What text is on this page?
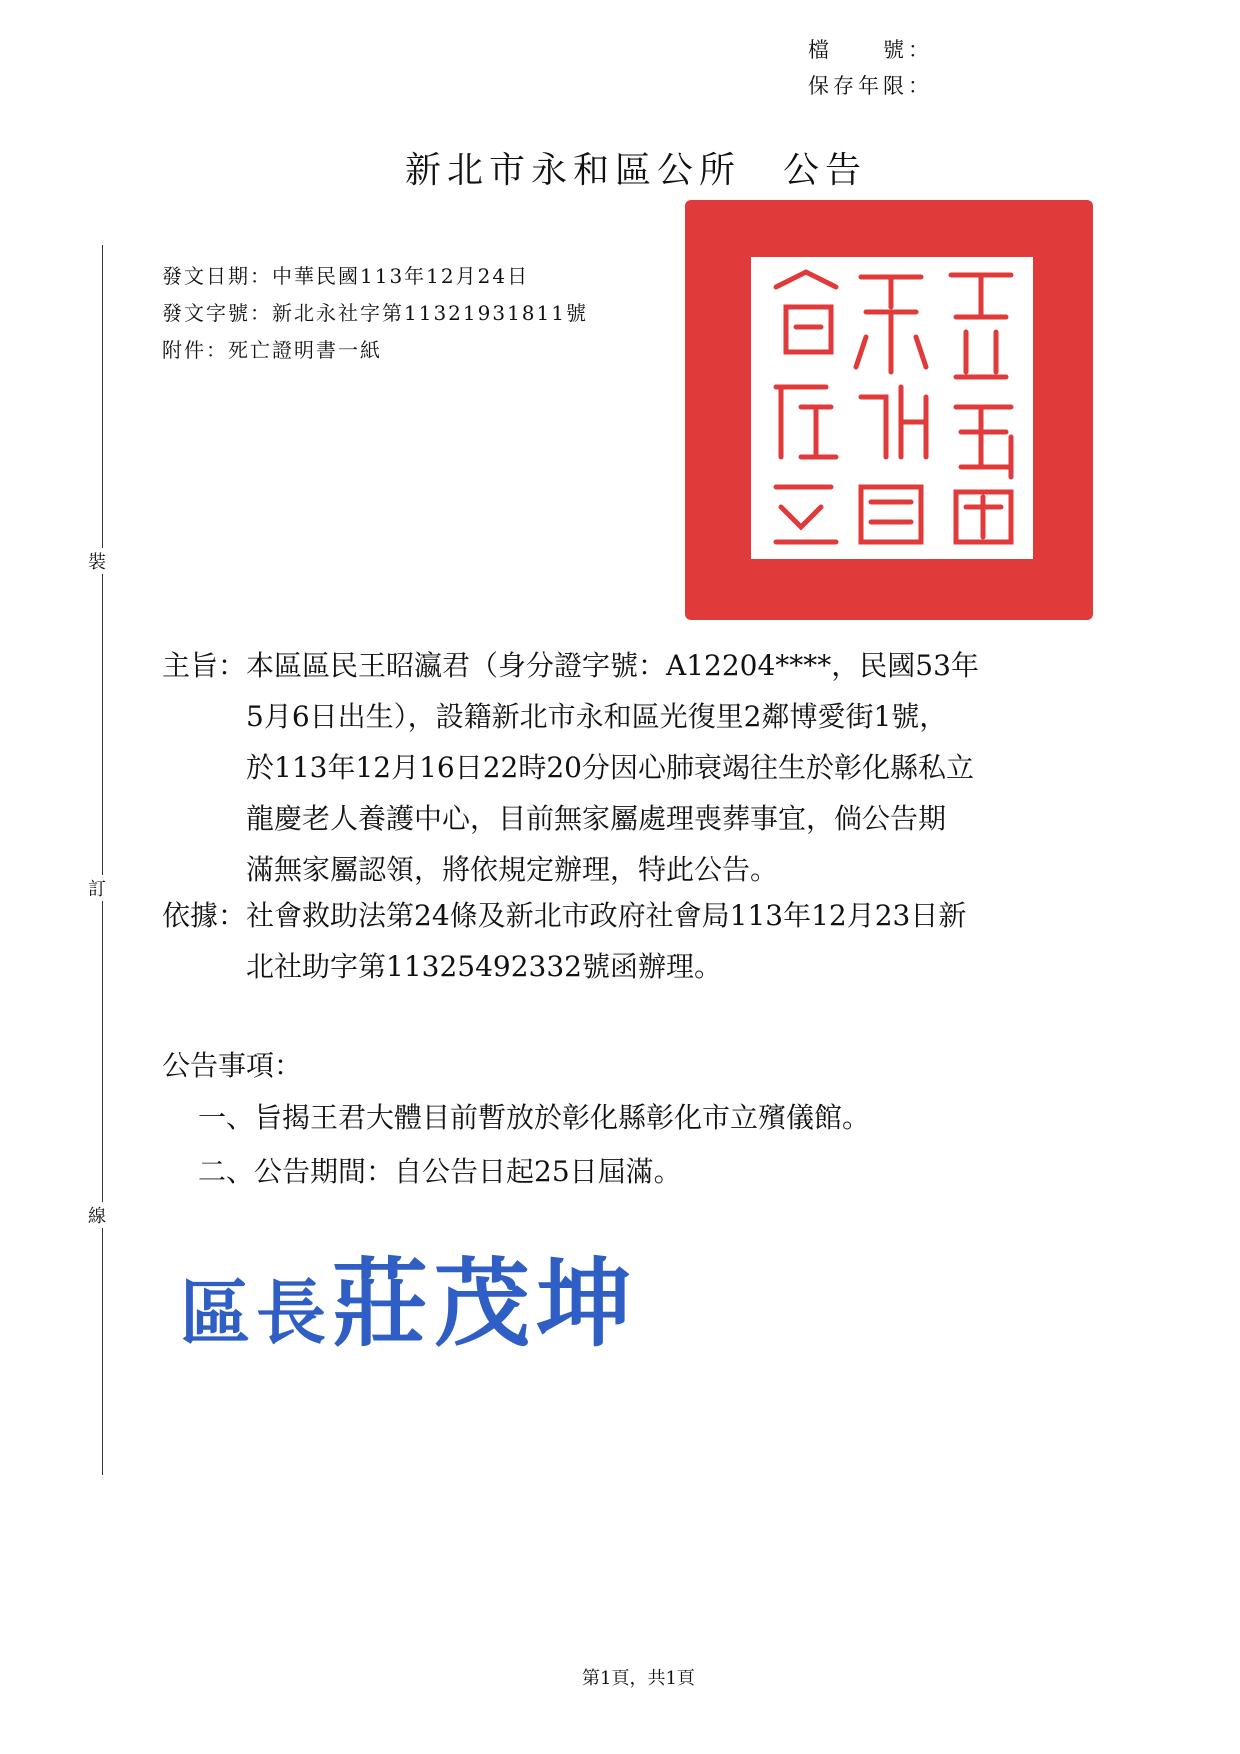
檔　　號：
保存年限：
新北市永和區公所　公告
裝
訂
線
發文日期：中華民國113年12月24日
發文字號：新北永社字第11321931811號
附件：死亡證明書一紙
主旨： 本區區民王昭瀛君（身分證字號：A12204****，民國53年
5月6日出生），設籍新北市永和區光復里2鄰博愛街1號，
於113年12月16日22時20分因心肺衰竭往生於彰化縣私立
龍慶老人養護中心，目前無家屬處理喪葬事宜，倘公告期
滿無家屬認領，將依規定辦理，特此公告。
依據： 社會救助法第24條及新北市政府社會局113年12月23日新
北社助字第11325492332號函辦理。
公告事項：
一、旨揭王君大體目前暫放於彰化縣彰化市立殯儀館。
二、公告期間：自公告日起25日屆滿。
區長莊茂坤
第1頁，共1頁
